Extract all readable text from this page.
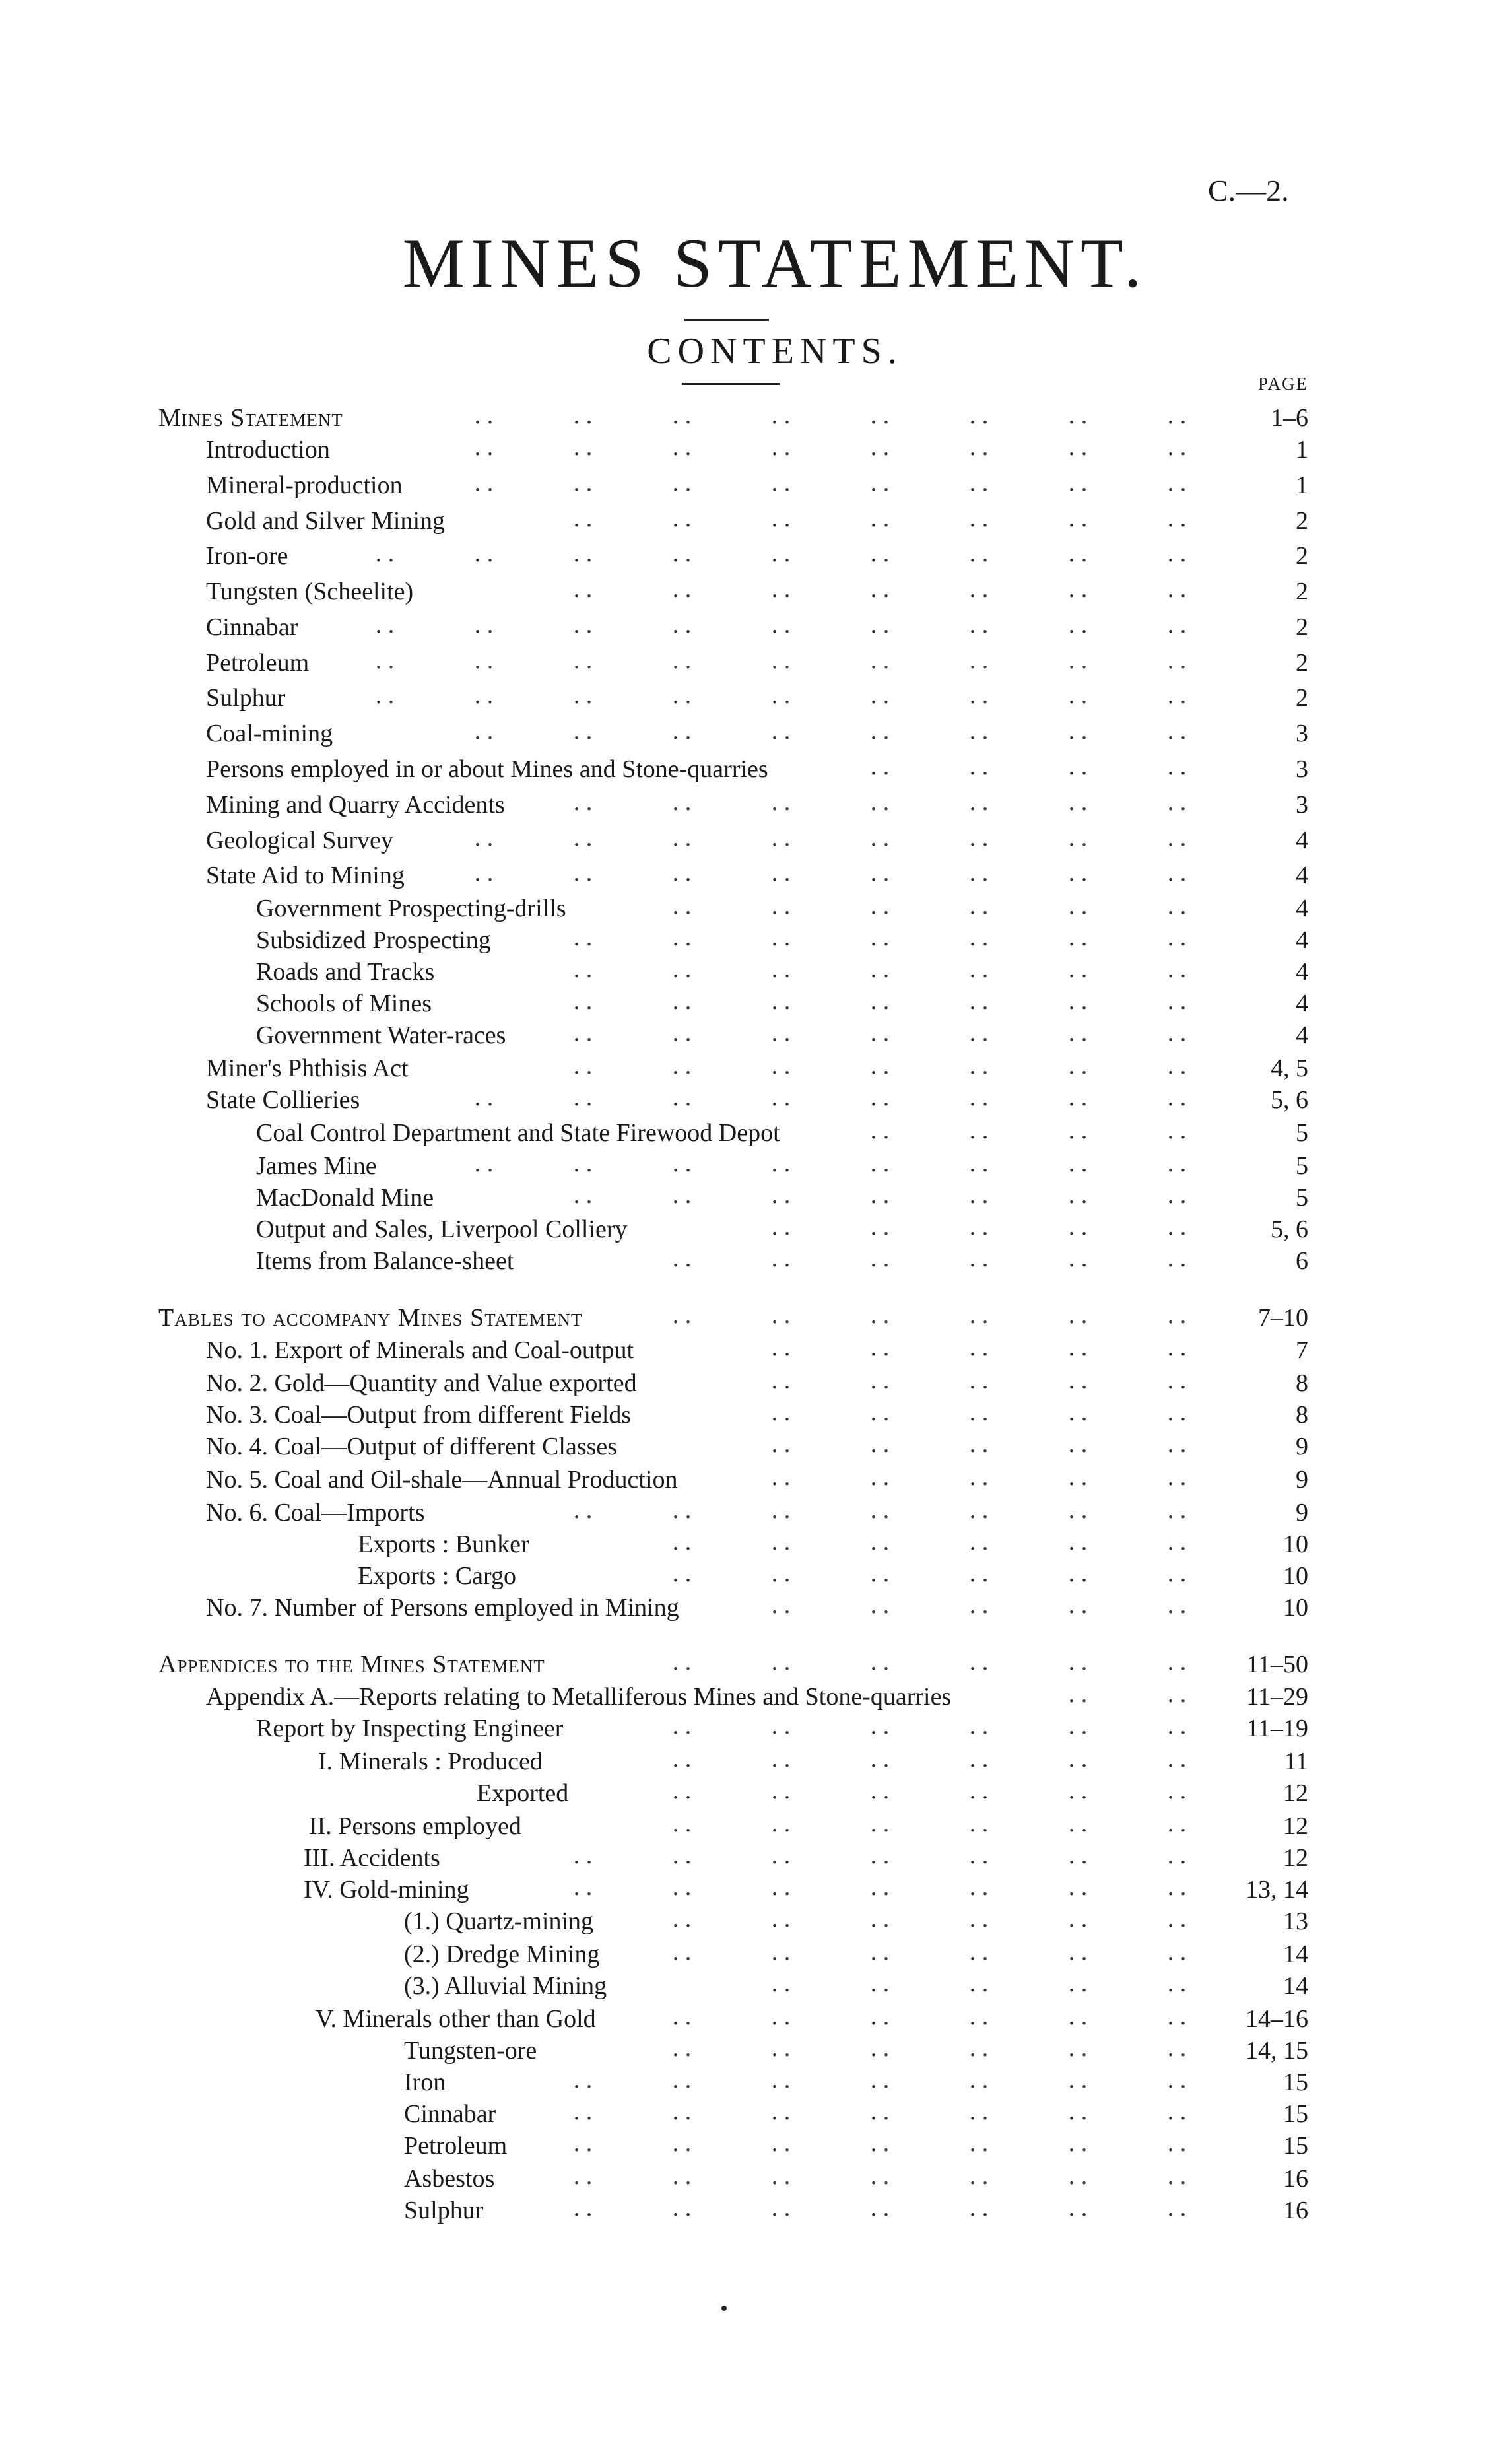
C.—2.
MINES STATEMENT.
CONTENTS.
PAGE
. .	. .	. .	. .	. .	. .	. .	. .
Mines Statement	1–6
. .	. .	. .	. .	. .	. .	. .	. .
Introduction	1
. .	. .	. .	. .	. .	. .	. .	. .
Mineral-production	1
. .	. .	. .	. .	. .	. .	. .
Gold and Silver Mining	2
. .	. .	. .	. .	. .	. .	. .	. .	. .
Iron-ore	2
. .	. .	. .	. .	. .	. .	. .
Tungsten (Scheelite)	2
. .	. .	. .	. .	. .	. .	. .	. .	. .
Cinnabar	2
. .	. .	. .	. .	. .	. .	. .	. .	. .
Petroleum	2
. .	. .	. .	. .	. .	. .	. .	. .	. .
Sulphur	2
. .	. .	. .	. .	. .	. .	. .	. .
Coal-mining	3
. .	. .	. .	. .
Persons employed in or about Mines and Stone-quarries	3
. .	. .	. .	. .	. .	. .	. .
Mining and Quarry Accidents	3
. .	. .	. .	. .	. .	. .	. .	. .
Geological Survey	4
. .	. .	. .	. .	. .	. .	. .	. .
State Aid to Mining	4
. .	. .	. .	. .	. .	. .
Government Prospecting-drills	4
. .	. .	. .	. .	. .	. .	. .
Subsidized Prospecting	4
. .	. .	. .	. .	. .	. .	. .
Roads and Tracks	4
. .	. .	. .	. .	. .	. .	. .
Schools of Mines	4
. .	. .	. .	. .	. .	. .	. .
Government Water-races	4
. .	. .	. .	. .	. .	. .	. .
Miner's Phthisis Act	4, 5
. .	. .	. .	. .	. .	. .	. .	. .
State Collieries	5, 6
. .	. .	. .	. .
Coal Control Department and State Firewood Depot	5
. .	. .	. .	. .	. .	. .	. .	. .
James Mine	5
. .	. .	. .	. .	. .	. .	. .
MacDonald Mine	5
. .	. .	. .	. .	. .
Output and Sales, Liverpool Colliery	5, 6
. .	. .	. .	. .	. .	. .
Items from Balance-sheet	6
. .	. .	. .	. .	. .	. .
Tables to accompany Mines Statement	7–10
. .	. .	. .	. .	. .
No. 1. Export of Minerals and Coal-output	7
. .	. .	. .	. .	. .
No. 2. Gold—Quantity and Value exported	8
. .	. .	. .	. .	. .
No. 3. Coal—Output from different Fields	8
. .	. .	. .	. .	. .
No. 4. Coal—Output of different Classes	9
. .	. .	. .	. .	. .
No. 5. Coal and Oil-shale—Annual Production	9
. .	. .	. .	. .	. .	. .	. .
No. 6. Coal—Imports	9
. .	. .	. .	. .	. .	. .
Exports : Bunker	10
. .	. .	. .	. .	. .	. .
Exports : Cargo	10
. .	. .	. .	. .	. .
No. 7. Number of Persons employed in Mining	10
. .	. .	. .	. .	. .	. .
Appendices to the Mines Statement	11–50
. .	. .
Appendix A.—Reports relating to Metalliferous Mines and Stone-quarries	11–29
. .	. .	. .	. .	. .	. .
Report by Inspecting Engineer	11–19
. .	. .	. .	. .	. .	. .
I. Minerals : Produced	11
. .	. .	. .	. .	. .	. .
Exported	12
. .	. .	. .	. .	. .	. .
II. Persons employed	12
. .	. .	. .	. .	. .	. .	. .
III. Accidents	12
. .	. .	. .	. .	. .	. .	. .
IV. Gold-mining	13, 14
. .	. .	. .	. .	. .	. .
(1.) Quartz-mining	13
. .	. .	. .	. .	. .	. .
(2.) Dredge Mining	14
. .	. .	. .	. .	. .
(3.) Alluvial Mining	14
. .	. .	. .	. .	. .	. .
V. Minerals other than Gold	14–16
. .	. .	. .	. .	. .	. .
Tungsten-ore	14, 15
. .	. .	. .	. .	. .	. .	. .
Iron	15
. .	. .	. .	. .	. .	. .	. .
Cinnabar	15
. .	. .	. .	. .	. .	. .	. .
Petroleum	15
. .	. .	. .	. .	. .	. .	. .
Asbestos	16
. .	. .	. .	. .	. .	. .	. .
Sulphur	16
